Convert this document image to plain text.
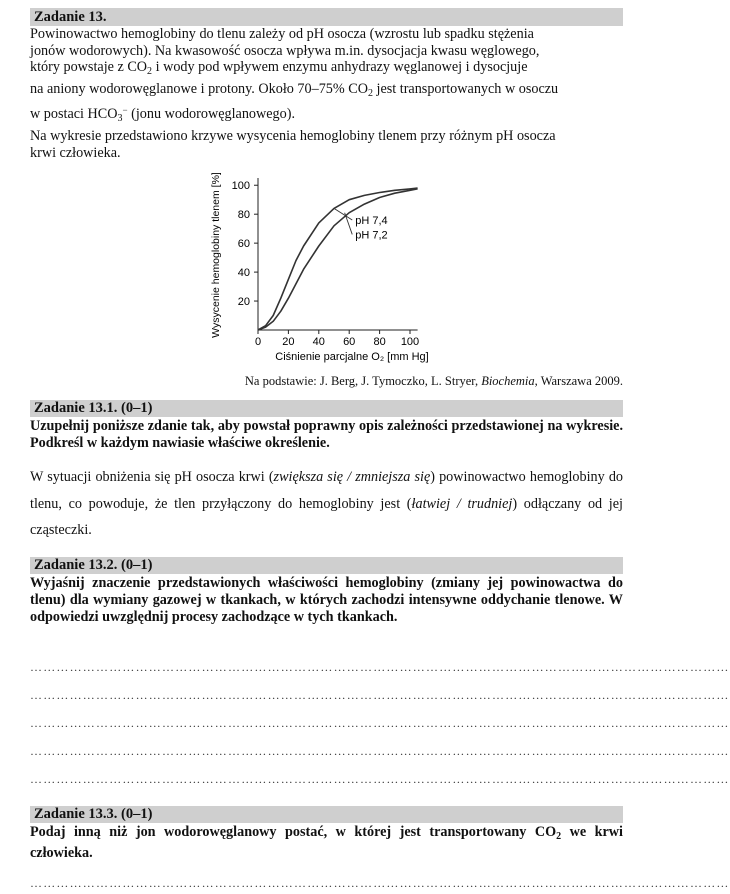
Zadanie 13.
Powinowactwo hemoglobiny do tlenu zależy od pH osocza (wzrostu lub spadku stężenia
jonów wodorowych). Na kwasowość osocza wpływa m.in. dysocjacja kwasu węglowego,
który powstaje z $CO_2$ i wody pod wpływem enzymu anhydrazy węglanowej i dysocjuje
na aniony wodorowęglanowe i protony. Około 70–75% $CO_2$ jest transportowanych w osoczu
w postaci $HCO_3^-$ (jonu wodorowęglanowego).
Na wykresie przedstawiono krzywe wysycenia hemoglobiny tlenem przy różnym pH osocza
krwi człowieka.
0 20 40 60 80 100
20
40
60
80
100
pH 7,4
pH 7,2
Wysycenie hemoglobiny tlenem [%]
Ciśnienie parcjalne O₂ [mm Hg]
Na podstawie: J. Berg, J. Tymoczko, L. Stryer, Biochemia, Warszawa 2009.
Zadanie 13.1. (0–1)
Uzupełnij poniższe zdanie tak, aby powstał poprawny opis zależności przedstawionej na wykresie. Podkreśl w każdym nawiasie właściwe określenie.
W sytuacji obniżenia się pH osocza krwi (zwiększa się / zmniejsza się) powinowactwo hemoglobiny do tlenu, co powoduje, że tlen przyłączony do hemoglobiny jest (łatwiej / trudniej) odłączany od jej cząsteczki.
Zadanie 13.2. (0–1)
Wyjaśnij znaczenie przedstawionych właściwości hemoglobiny (zmiany jej powinowactwa do tlenu) dla wymiany gazowej w tkankach, w których zachodzi intensywne oddychanie tlenowe. W odpowiedzi uwzględnij procesy zachodzące w tych tkankach.
……………………………………………………………………………………………………………………………………………
……………………………………………………………………………………………………………………………………………
……………………………………………………………………………………………………………………………………………
……………………………………………………………………………………………………………………………………………
……………………………………………………………………………………………………………………………………………
Zadanie 13.3. (0–1)
Podaj inną niż jon wodorowęglanowy postać, w której jest transportowany $CO_2$ we krwi człowieka.
……………………………………………………………………………………………………………………………………………
